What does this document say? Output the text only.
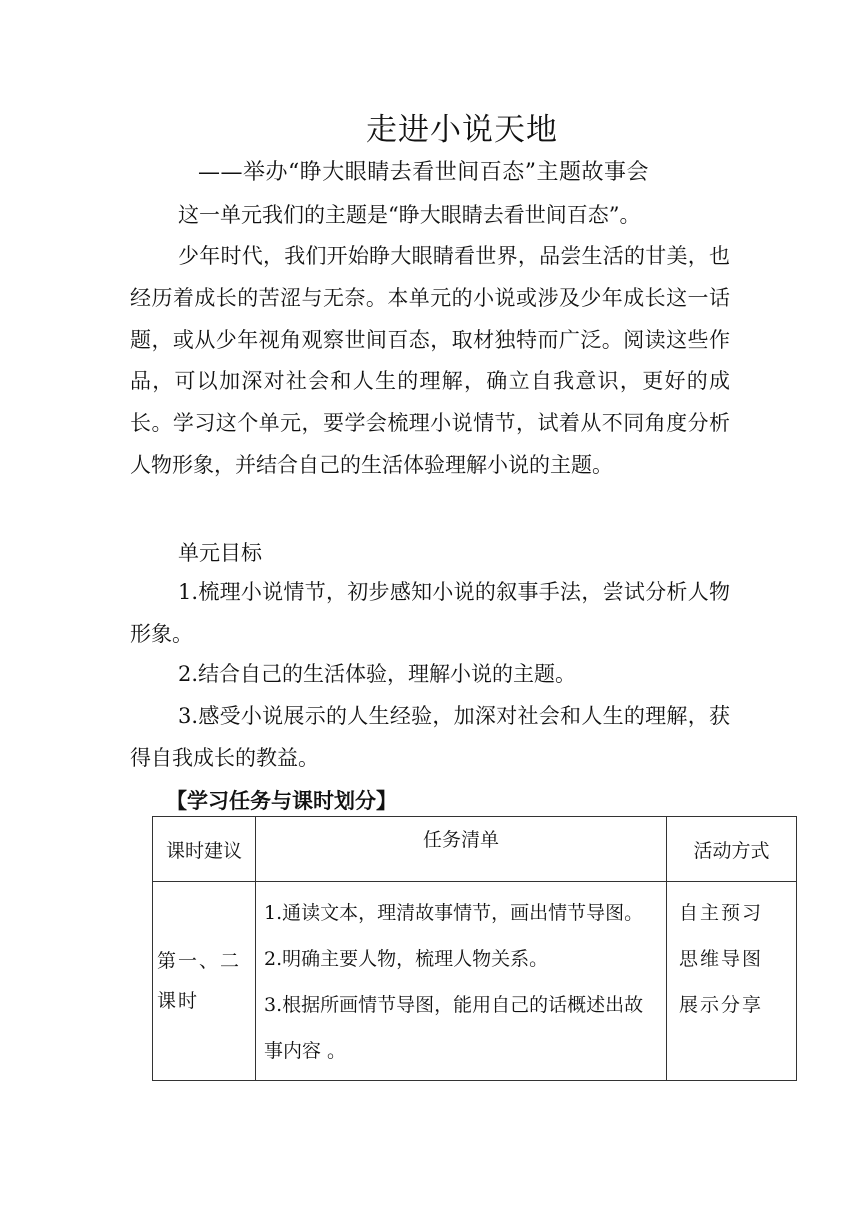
走进小说天地
——举办“睁大眼睛去看世间百态”主题故事会
这一单元我们的主题是“睁大眼睛去看世间百态”。
少年时代，我们开始睁大眼睛看世界，品尝生活的甘美，也经历着成长的苦涩与无奈。本单元的小说或涉及少年成长这一话题，或从少年视角观察世间百态，取材独特而广泛。阅读这些作品，可以加深对社会和人生的理解，确立自我意识，更好的成长。学习这个单元，要学会梳理小说情节，试着从不同角度分析人物形象，并结合自己的生活体验理解小说的主题。
单元目标
1.梳理小说情节，初步感知小说的叙事手法，尝试分析人物形象。
2.结合自己的生活体验，理解小说的主题。
3.感受小说展示的人生经验，加深对社会和人生的理解，获得自我成长的教益。
【学习任务与课时划分】
课时建议	任务清单	活动方式
第一、二课时	1.通读文本，理清故事情节，画出情节导图。
2.明确主要人物，梳理人物关系。
3.根据所画情节导图，能用自己的话概述出故事内容 。	自主预习
思维导图
展示分享
